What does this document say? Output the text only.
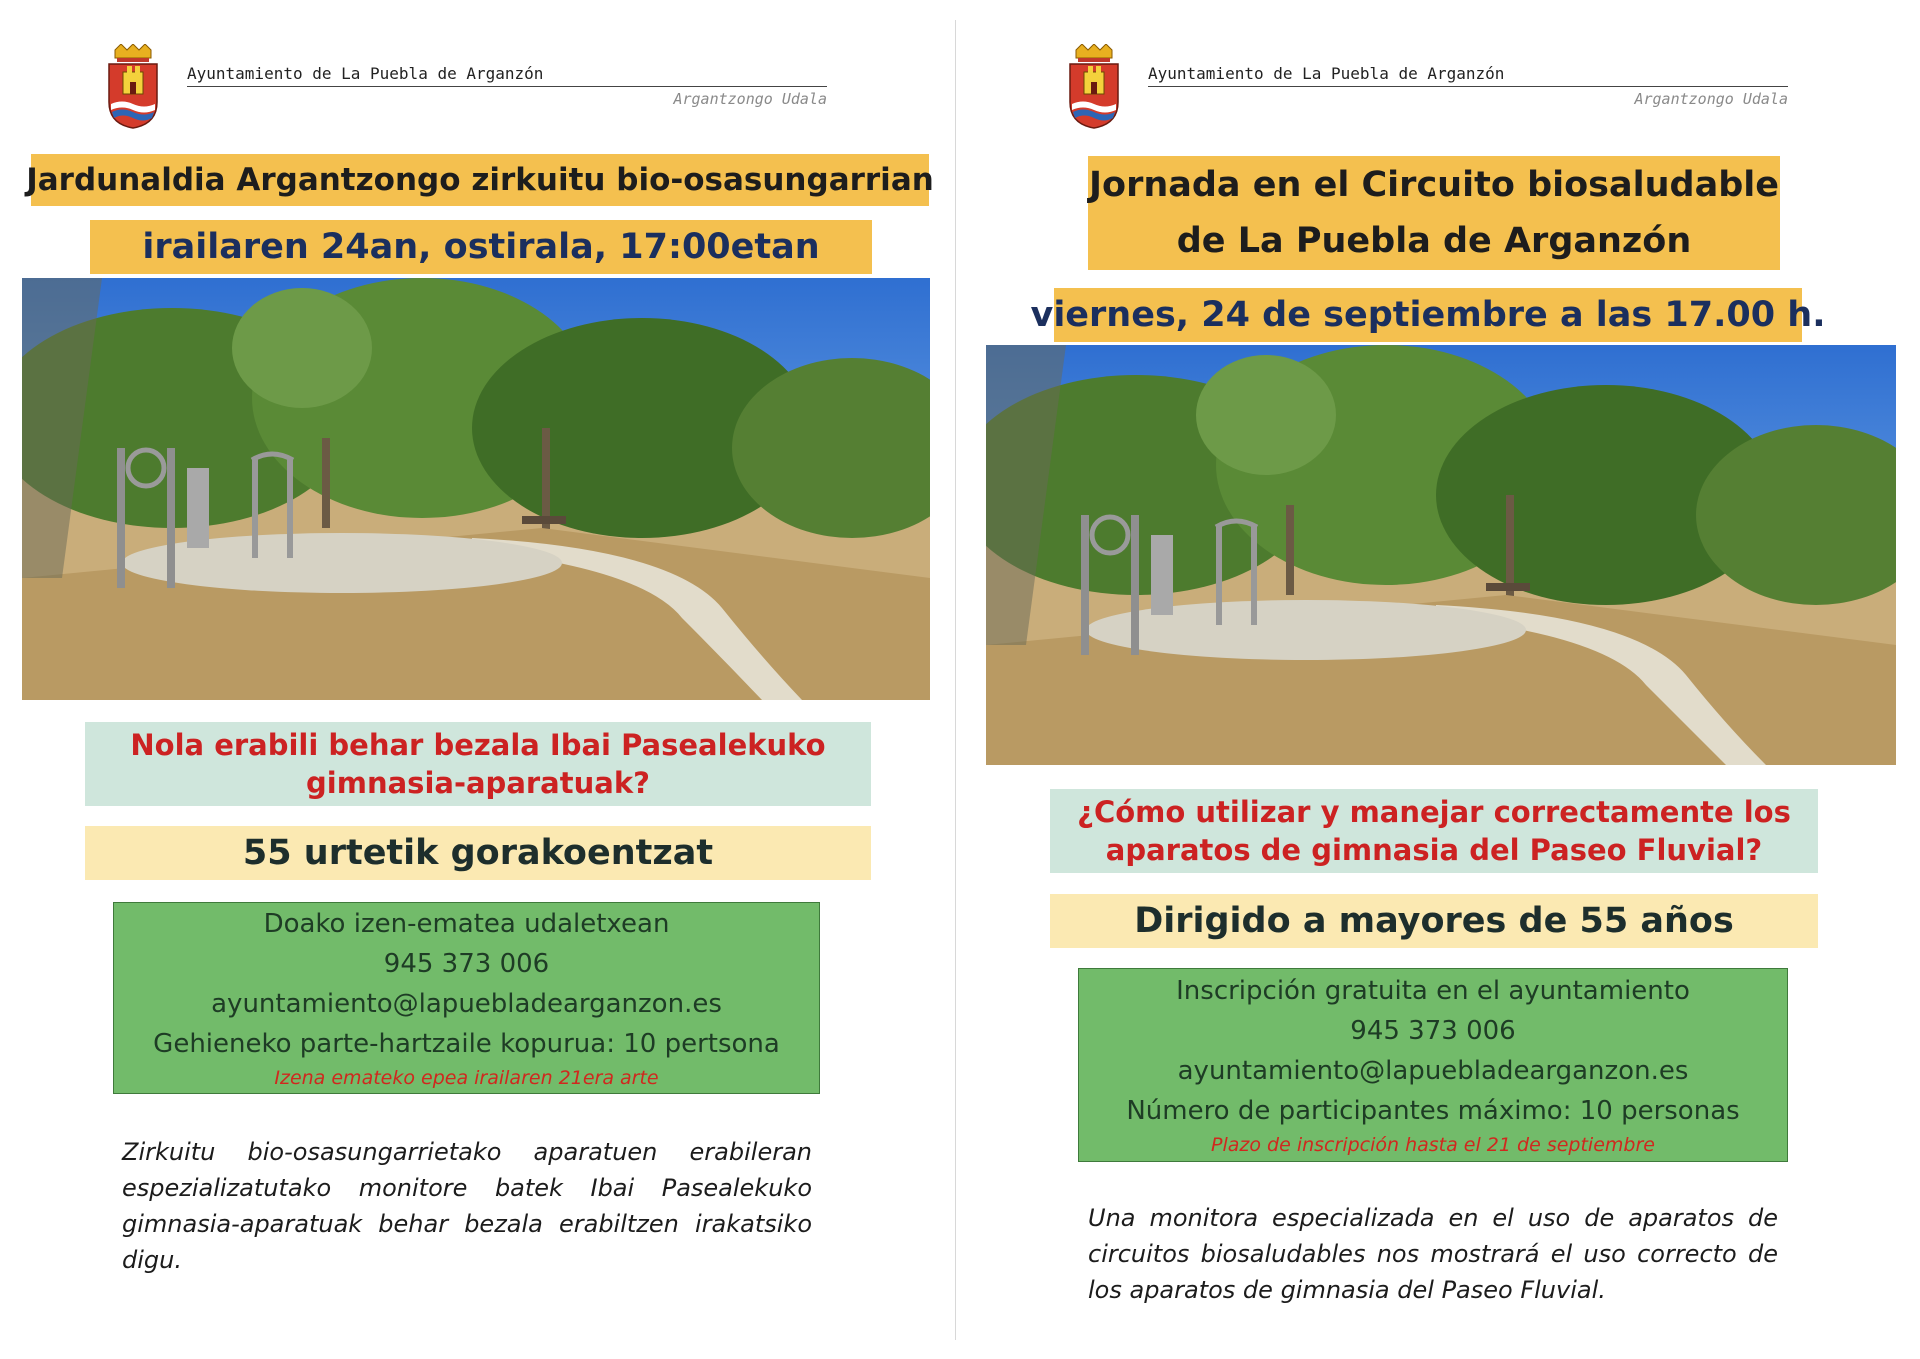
Ayuntamiento de La Puebla de Arganzón
Argantzongo Udala
Jardunaldia Argantzongo zirkuitu bio-osasungarrian
irailaren 24an, ostirala, 17:00etan
Nola erabili behar bezala Ibai Pasealekuko
gimnasia-aparatuak?
55 urtetik gorakoentzat
Doako izen-ematea udaletxean
945 373 006
ayuntamiento@lapuebladearganzon.es
Gehieneko parte-hartzaile kopurua: 10 pertsona
Izena emateko epea irailaren 21era arte
Zirkuitu bio-osasungarrietako aparatuen erabileran espezializatutako monitore batek Ibai Pasealekuko gimnasia-aparatuak behar bezala erabiltzen irakatsiko digu.
Ayuntamiento de La Puebla de Arganzón
Argantzongo Udala
Jornada en el Circuito biosaludable
de La Puebla de Arganzón
viernes, 24 de septiembre a las 17.00 h.
¿Cómo utilizar y manejar correctamente los
aparatos de gimnasia del Paseo Fluvial?
Dirigido a mayores de 55 años
Inscripción gratuita en el ayuntamiento
945 373 006
ayuntamiento@lapuebladearganzon.es
Número de participantes máximo: 10 personas
Plazo de inscripción hasta el 21 de septiembre
Una monitora especializada en el uso de aparatos de circuitos biosaludables nos mostrará el uso correcto de los aparatos de gimnasia del Paseo Fluvial.
